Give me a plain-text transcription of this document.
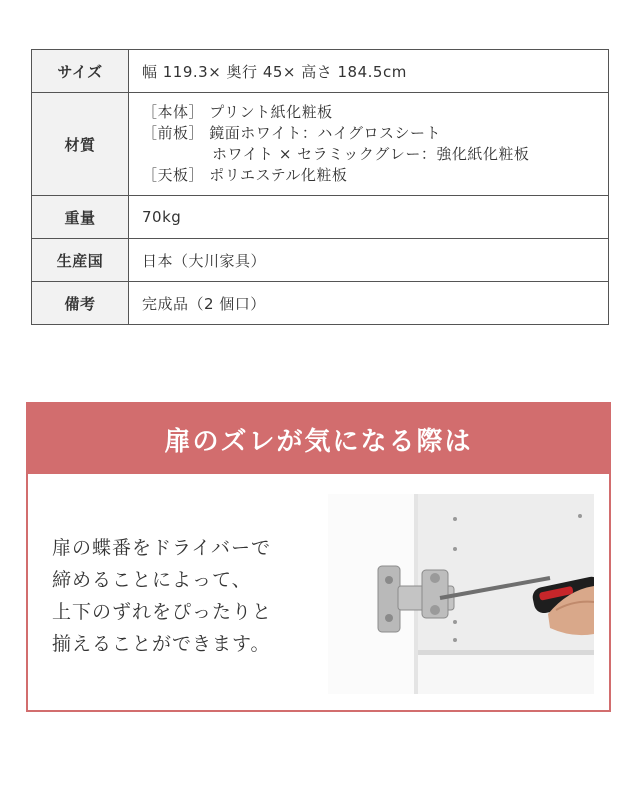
サイズ	幅 119.3× 奥行 45× 高さ 184.5cm
材質	［本体］ プリント紙化粧板
［前板］ 鏡面ホワイト：ハイグロスシート
ホワイト × セラミックグレー：強化紙化粧板
［天板］ ポリエステル化粧板

重量	70kg
生産国	日本（大川家具）
備考	完成品（2 個口）
扉のズレが気になる際は
扉の蝶番をドライバーで
締めることによって、
上下のずれをぴったりと
揃えることができます。
